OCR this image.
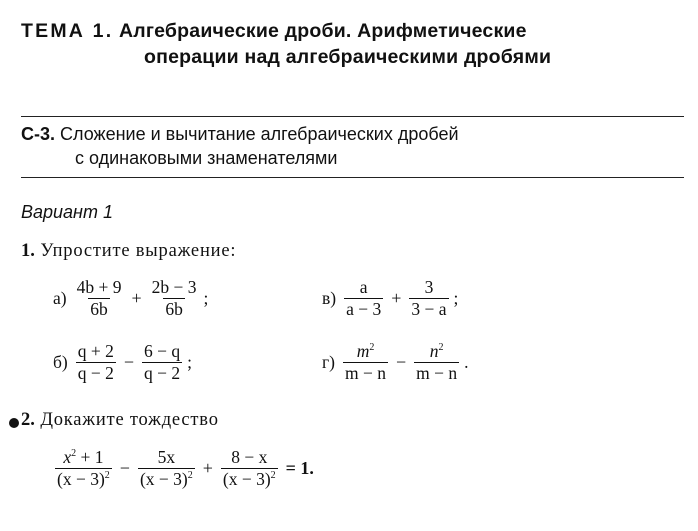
ТЕМА 1. Алгебраические дроби. Арифметические
операции над алгебраическими дробями
С-3. Сложение и вычитание алгебраических дробей
с одинаковыми знаменателями
Вариант 1
1. Упростите выражение:
$а) \frac{4b + 9}{6b} + \frac{2b - 3}{6b}$ ;	$в) \frac{a}{a - 3} + \frac{3}{3 - a}$ ;
$б) \frac{q + 2}{q - 2} - \frac{6 - q}{q - 2}$ ;	$г) \frac{m^2}{m - n} - \frac{n^2}{m - n}$ .
2. Докажите тождество
$\frac{x^2 + 1}{(x - 3)^2} - \frac{5x}{(x - 3)^2} + \frac{8 - x}{(x - 3)^2} = 1$.
